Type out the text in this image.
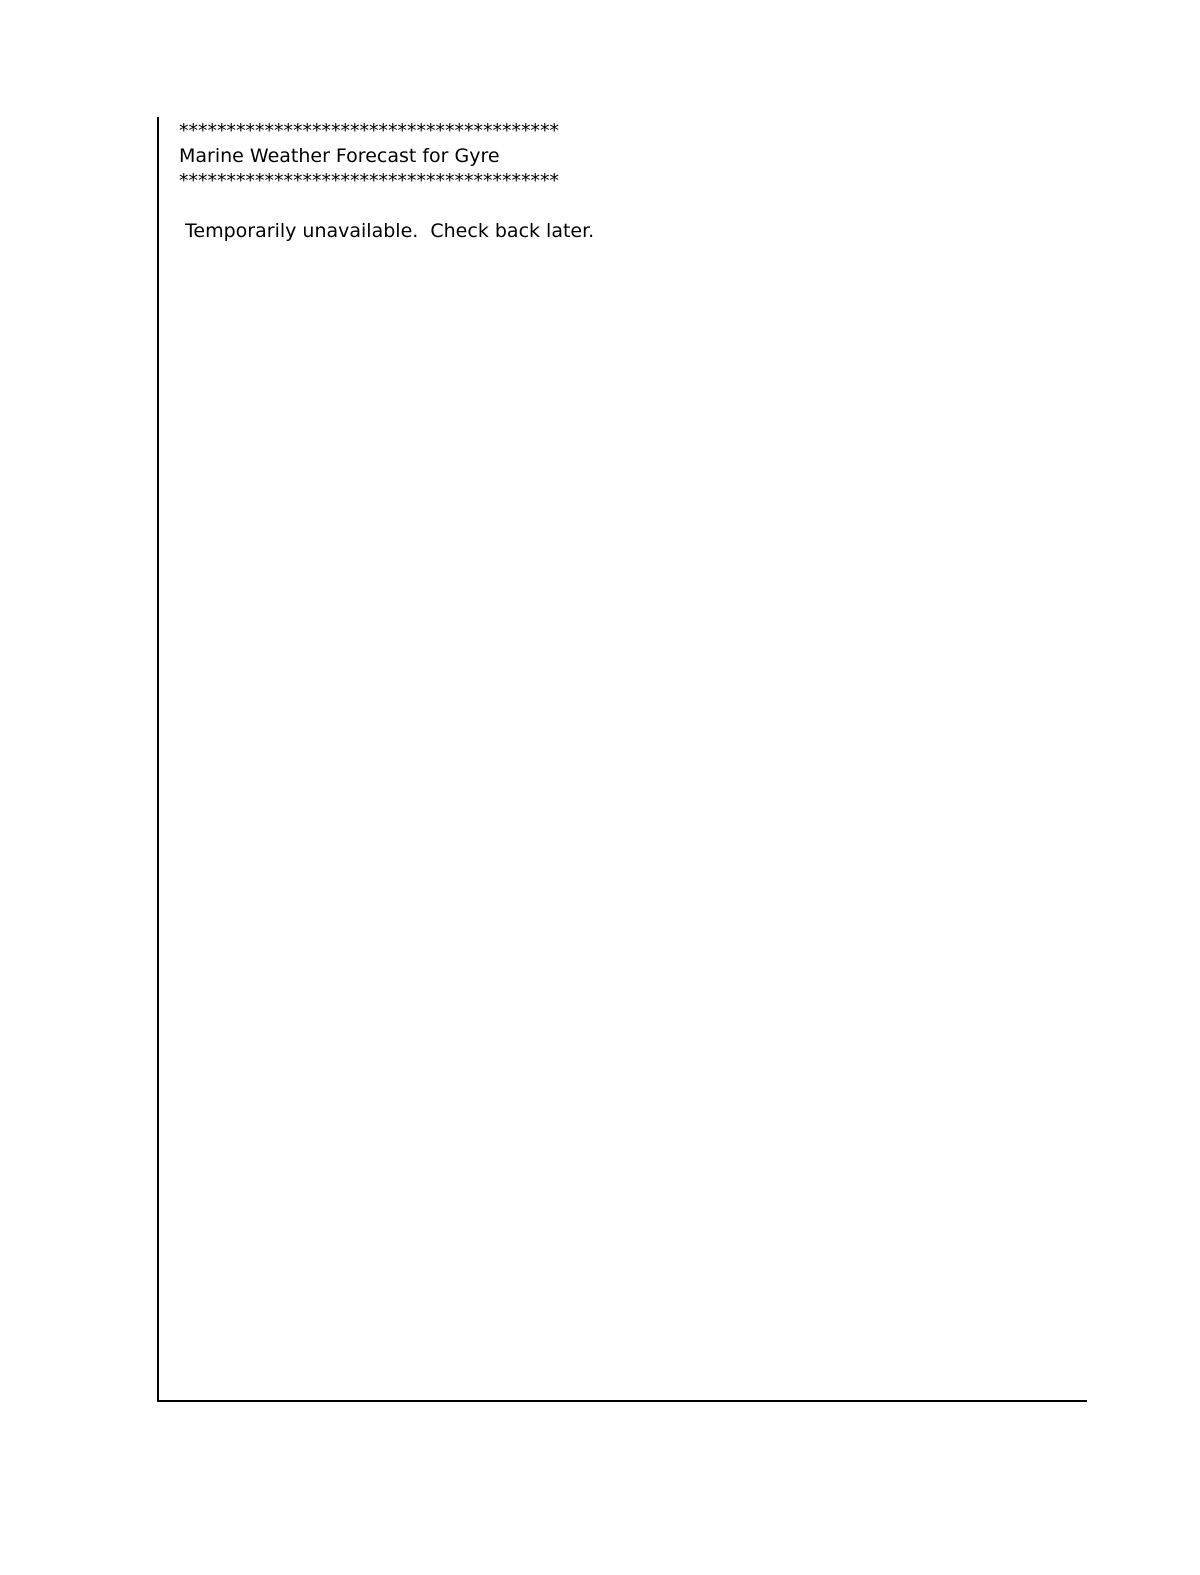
****************************************
Marine Weather Forecast for Gyre
****************************************
Temporarily unavailable.  Check back later.
